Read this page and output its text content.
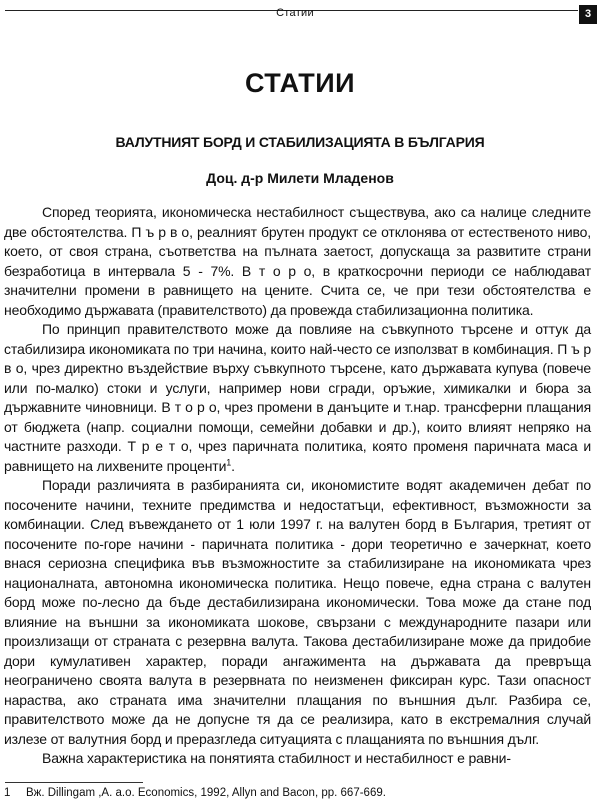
Статии	3
СТАТИИ
ВАЛУТНИЯТ БОРД И СТАБИЛИЗАЦИЯТА В БЪЛГАРИЯ
Доц. д-р Милети Младенов

Според теорията, икономическа нестабилност съществува, ако са налице следните две обстоятелства. П ъ р в о, реалният брутен продукт се отклонява от естественото ниво, което, от своя страна, съответства на пълната заетост, допускаща за развитите страни безработица в интервала 5 - 7%. В т о р о, в краткосрочни периоди се наблюдават значителни промени в равнището на цените. Счита се, че при тези обстоятелства е необходимо държавата (правителството) да провежда стабилизационна политика.

По принцип правителството може да повлияе на съвкупното търсене и оттук да стабилизира икономиката по три начина, които най-често се използват в комбинация. П ъ р в о, чрез директно въздействие върху съвкупното търсене, като държавата купува (повече или по-малко) стоки и услуги, например нови сгради, оръжие, химикалки и бюра за държавните чиновници. В т о р о, чрез промени в данъците и т.нар. трансферни плащания от бюджета (напр. социални помощи, семейни добавки и др.), които влияят непряко на частните разходи. Т р е т о, чрез паричната политика, която променя паричната маса и равнището на лихвените проценти$^1$.

Поради различията в разбиранията си, икономистите водят академичен дебат по посочените начини, техните предимства и недостатъци, ефективност, възможности за комбинации. След въвеждането от 1 юли 1997 г. на валутен борд в България, третият от посочените по-горе начини - паричната политика - дори теоретично е зачеркнат, което внася сериозна специфика във възможностите за стабилизиране на икономиката чрез националната, автономна икономическа политика. Нещо повече, една страна с валутен борд може по-лесно да бъде дестабилизирана икономически. Това може да стане под влияние на външни за икономиката шокове, свързани с международните пазари или произлизащи от страната с резервна валута. Такова дестабилизиране може да придобие дори кумулативен характер, поради ангажимента на държавата да превръща неограничено своята валута в резервната по неизменен фиксиран курс. Тази опасност нараства, ако страната има значителни плащания по външния дълг. Разбира се, правителството може да не допусне тя да се реализира, като в екстремалния случай излезе от валутния борд и преразгледа ситуацията с плащанията по външния дълг.

Важна характеристика на понятията стабилност и нестабилност е равни-

1 Вж. Dillingam ,A. a.o. Economics, 1992, Allyn and Bacon, pp. 667-669.
